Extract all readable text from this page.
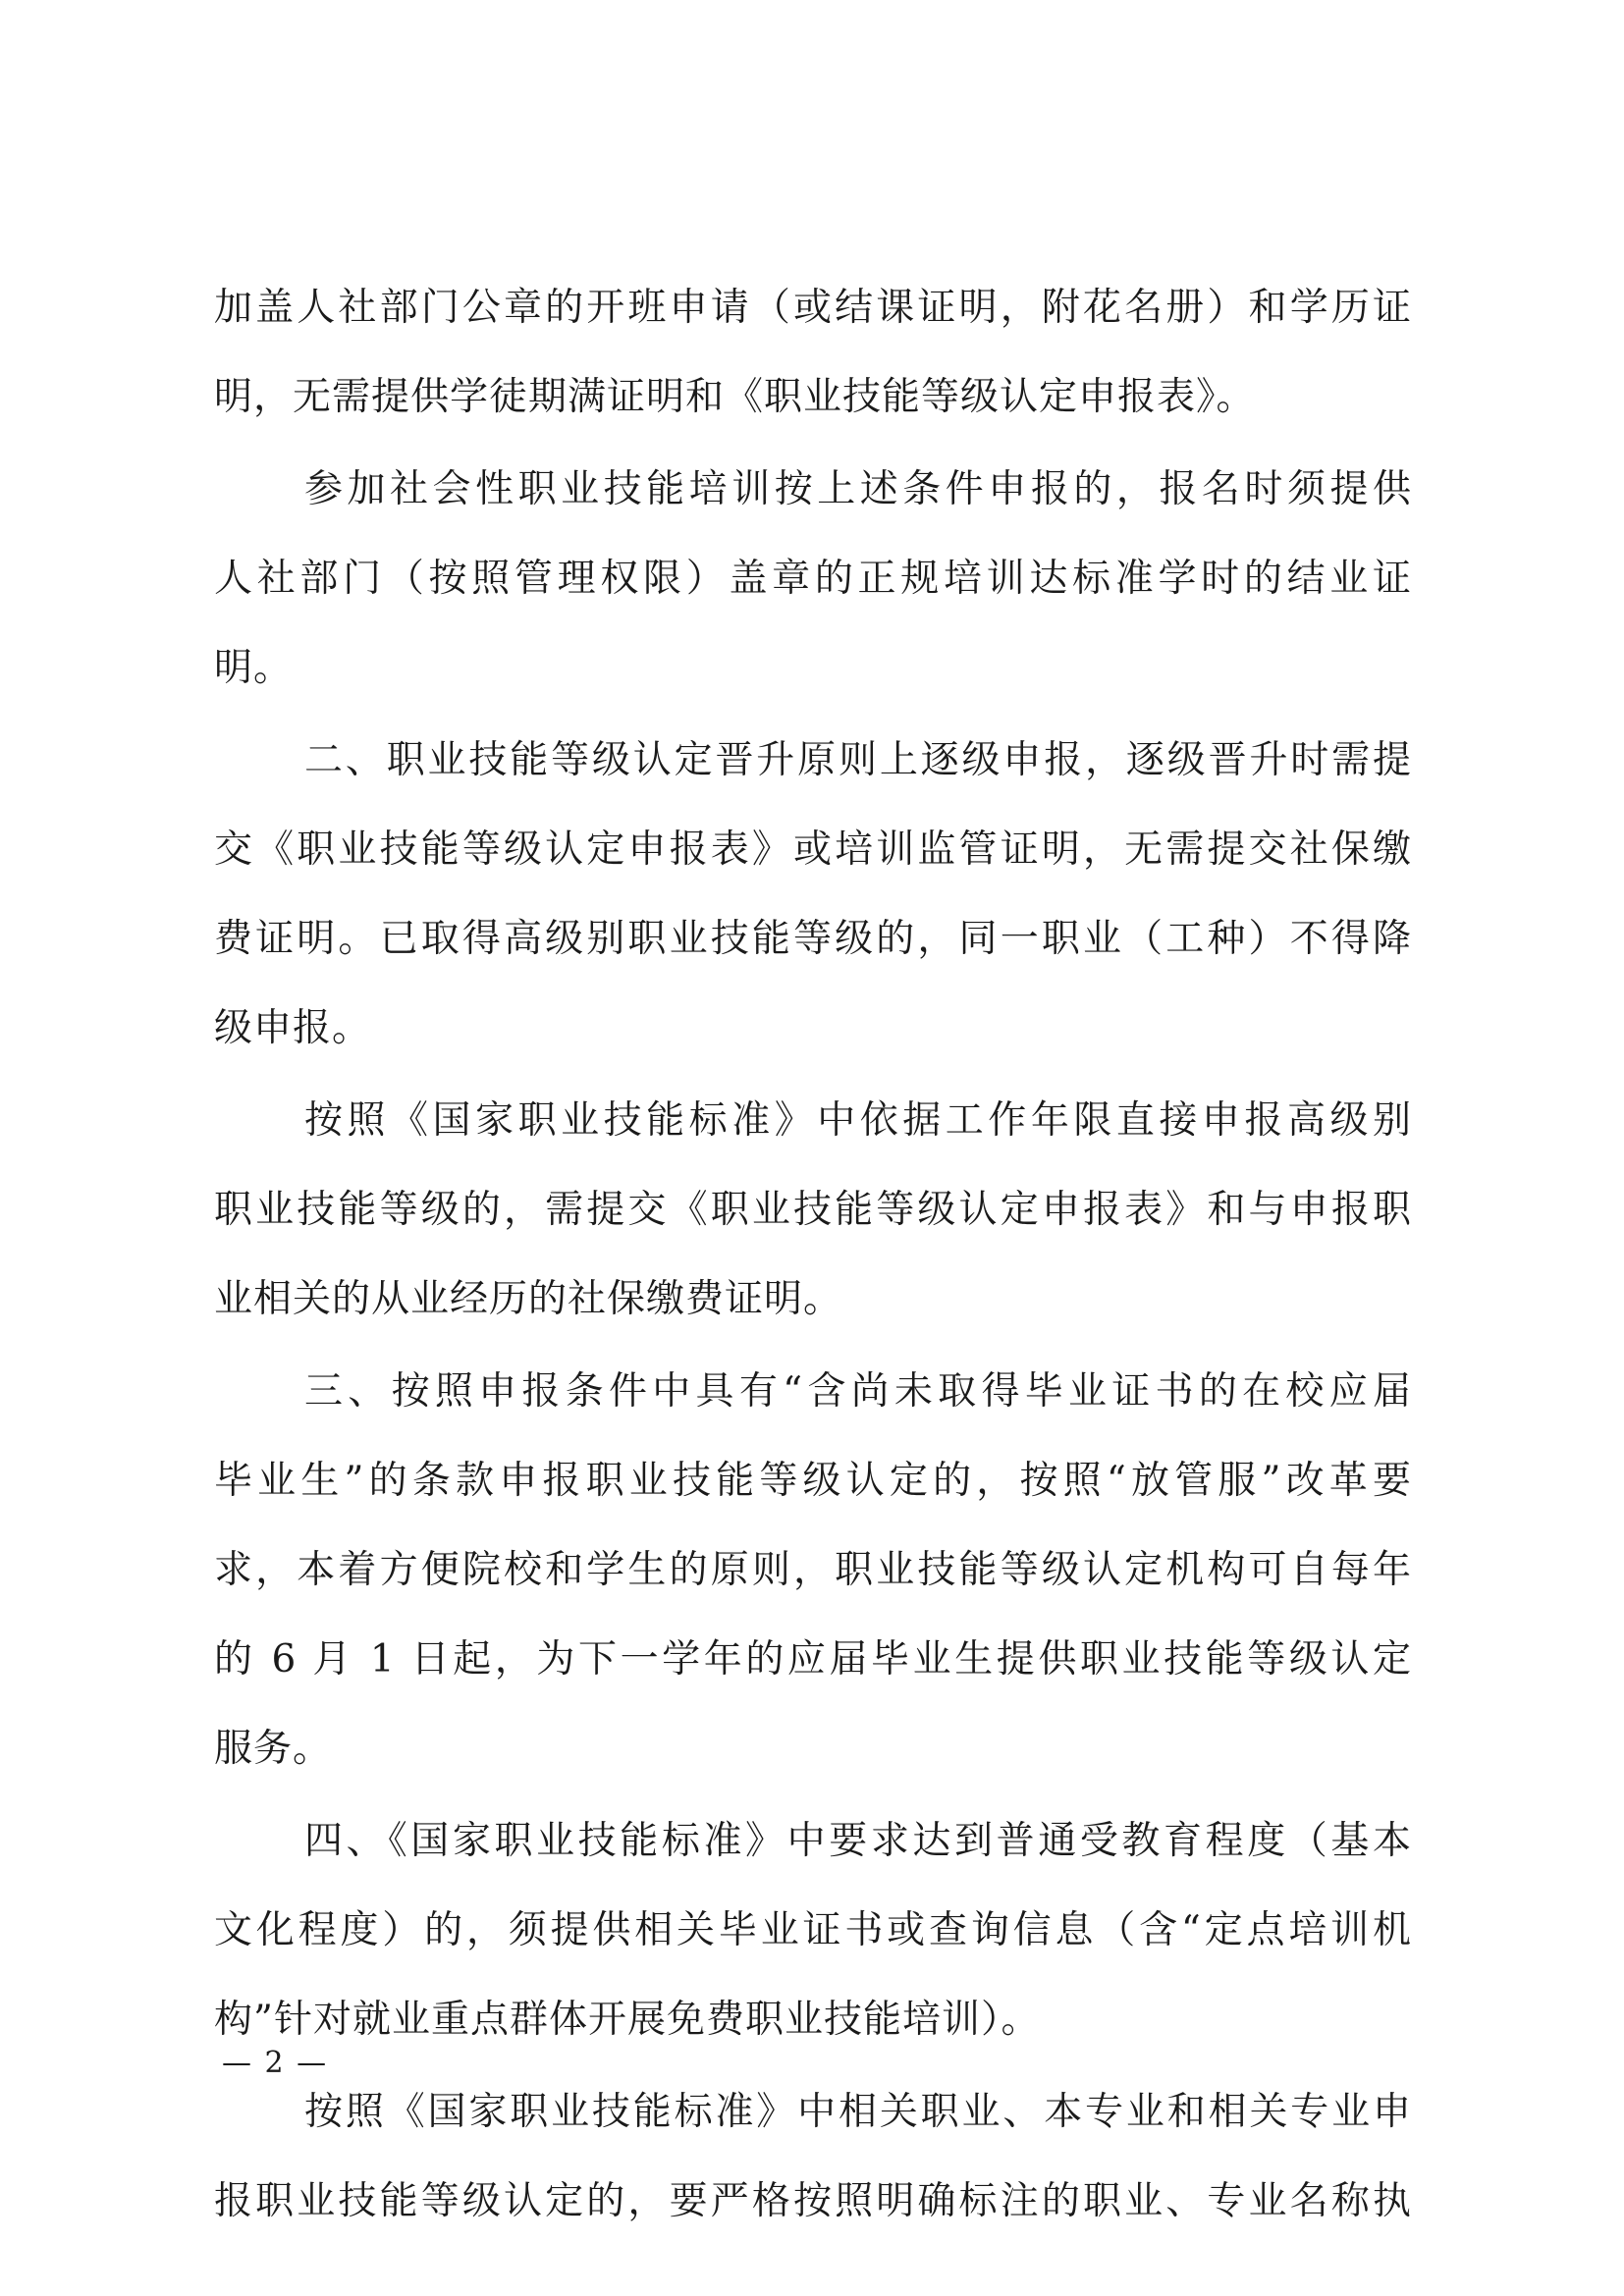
加盖人社部门公章的开班申请（或结课证明，附花名册）和学历证
明，无需提供学徒期满证明和《职业技能等级认定申报表》。
参加社会性职业技能培训按上述条件申报的，报名时须提供
人社部门（按照管理权限）盖章的正规培训达标准学时的结业证
明。
二、职业技能等级认定晋升原则上逐级申报，逐级晋升时需提
交《职业技能等级认定申报表》或培训监管证明，无需提交社保缴
费证明。已取得高级别职业技能等级的，同一职业（工种）不得降
级申报。
按照《国家职业技能标准》中依据工作年限直接申报高级别
职业技能等级的，需提交《职业技能等级认定申报表》和与申报职
业相关的从业经历的社保缴费证明。
三、按照申报条件中具有“含尚未取得毕业证书的在校应届
毕业生”的条款申报职业技能等级认定的，按照“放管服”改革要
求，本着方便院校和学生的原则，职业技能等级认定机构可自每年
的 6 月 1 日起，为下一学年的应届毕业生提供职业技能等级认定
服务。
四、《国家职业技能标准》中要求达到普通受教育程度（基本
文化程度）的，须提供相关毕业证书或查询信息（含“定点培训机
构”针对就业重点群体开展免费职业技能培训）。
按照《国家职业技能标准》中相关职业、本专业和相关专业申
报职业技能等级认定的，要严格按照明确标注的职业、专业名称执
— 2 —
